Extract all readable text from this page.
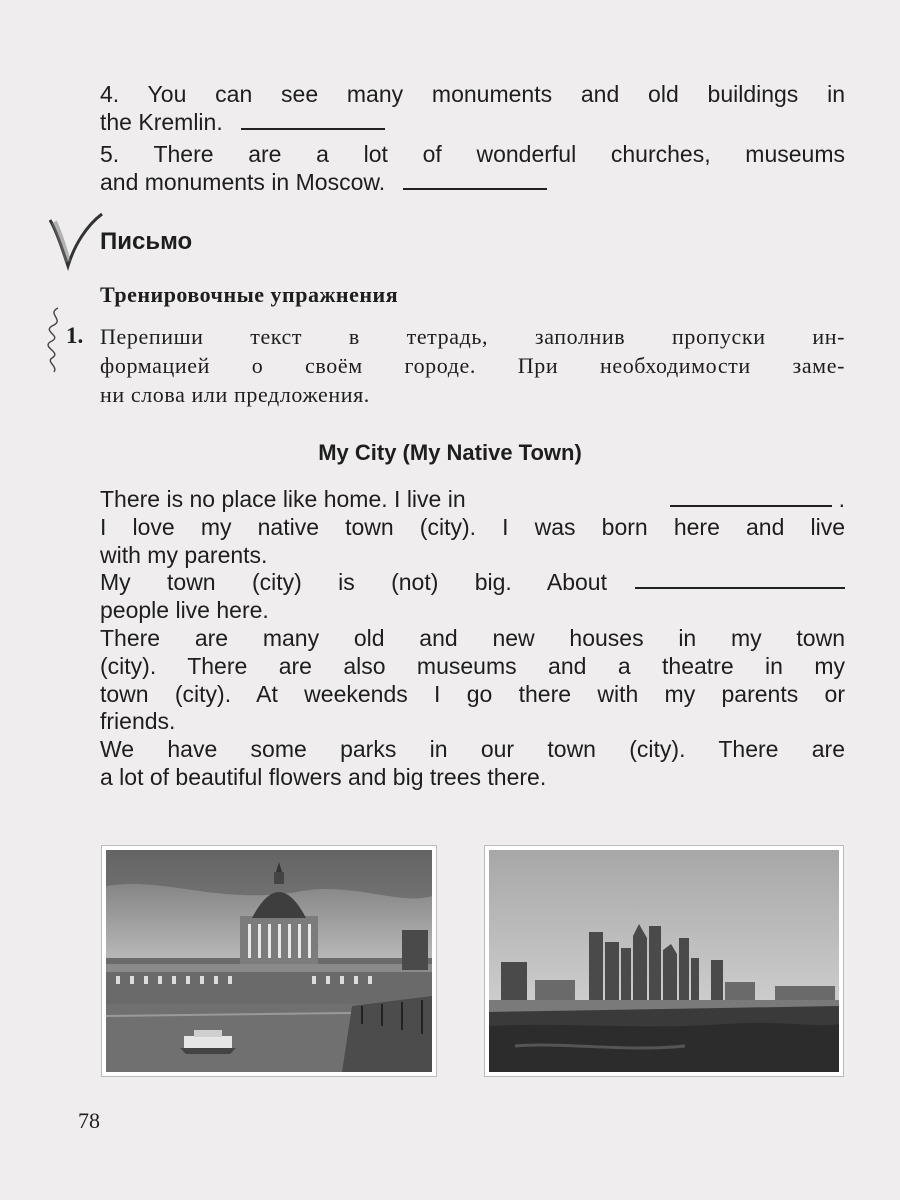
4. You can see many monuments and old buildings in
the Kremlin.
5. There are a lot of wonderful churches, museums
and monuments in Moscow.
Письмо
Тренировочные упражнения
1. Перепиши текст в тетрадь, заполнив пропуски ин-

формацией о своём городе. При необходимости заме-

ни слова или предложения.

My City (My Native Town)
There is no place like home. I live in	.
I love my native town (city). I was born here and live
with my parents.
My town (city) is (not) big. About
people live here.
There are many old and new houses in my town
(city). There are also museums and a theatre in my
town (city). At weekends I go there with my parents or
friends.
We have some parks in our town (city). There are
a lot of beautiful flowers and big trees there.
78
